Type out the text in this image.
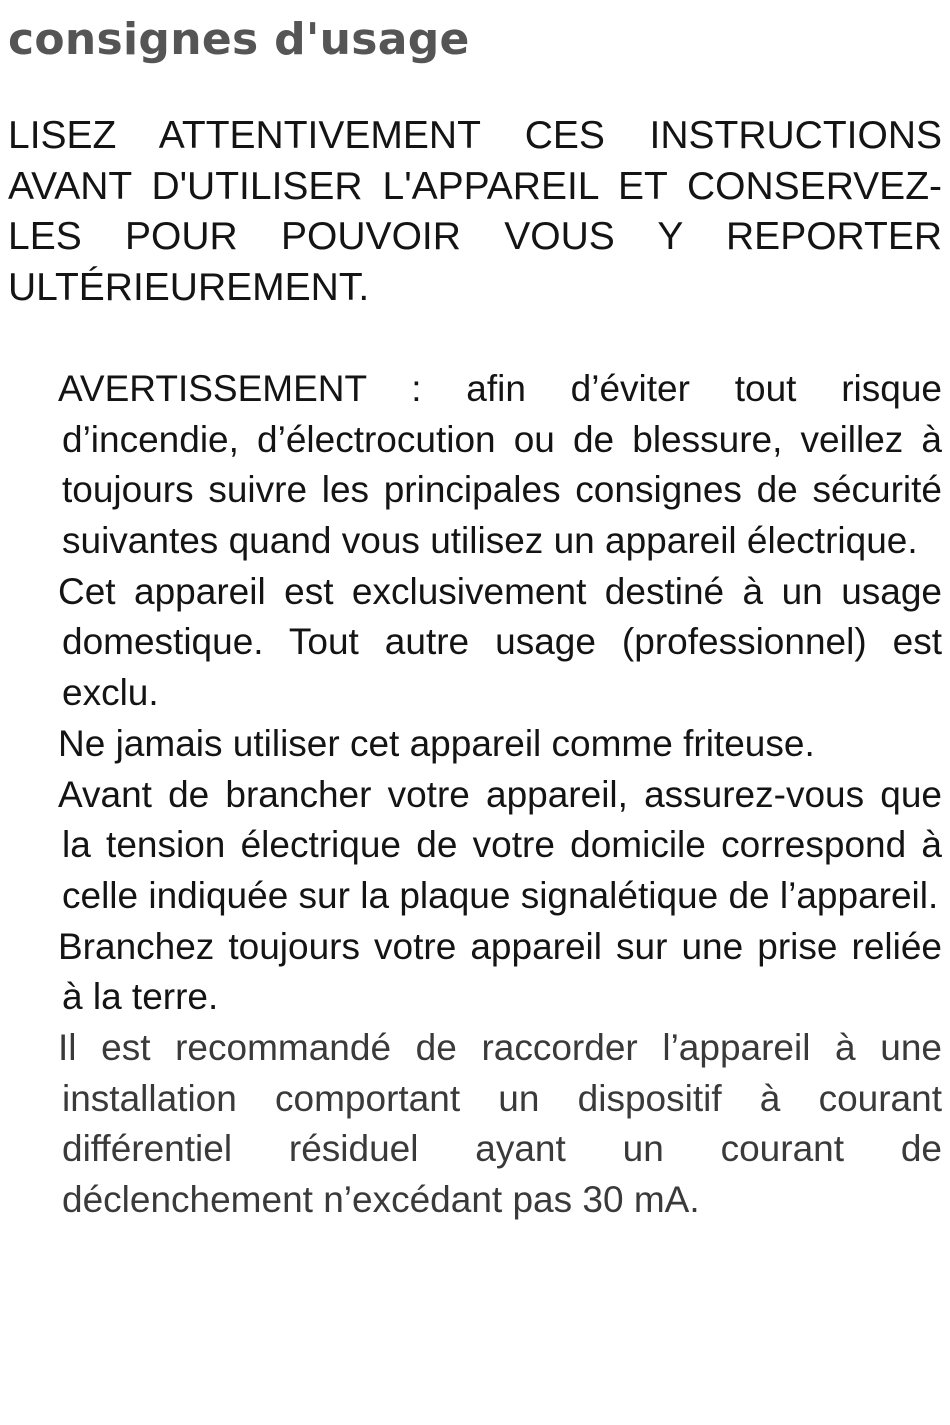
consignes d'usage

LISEZ ATTENTIVEMENT CES INSTRUCTIONS AVANT D'UTILISER L'APPAREIL ET CONSERVEZ-LES POUR POUVOIR VOUS Y REPORTER ULTÉRIEUREMENT.

AVERTISSEMENT : afin d’éviter tout risque d’incendie, d’électrocution ou de blessure, veillez à toujours suivre les principales consignes de sécurité suivantes quand vous utilisez un appareil électrique.
Cet appareil est exclusivement destiné à un usage domestique. Tout autre usage (professionnel) est exclu.
Ne jamais utiliser cet appareil comme friteuse.
Avant de brancher votre appareil, assurez-vous que la tension électrique de votre domicile correspond à celle indiquée sur la plaque signalétique de l’appareil.
Branchez toujours votre appareil sur une prise reliée à la terre.
Il est recommandé de raccorder l’appareil à une installation comportant un dispositif à courant différentiel résiduel ayant un courant de déclenchement n’excédant pas 30 mA.
